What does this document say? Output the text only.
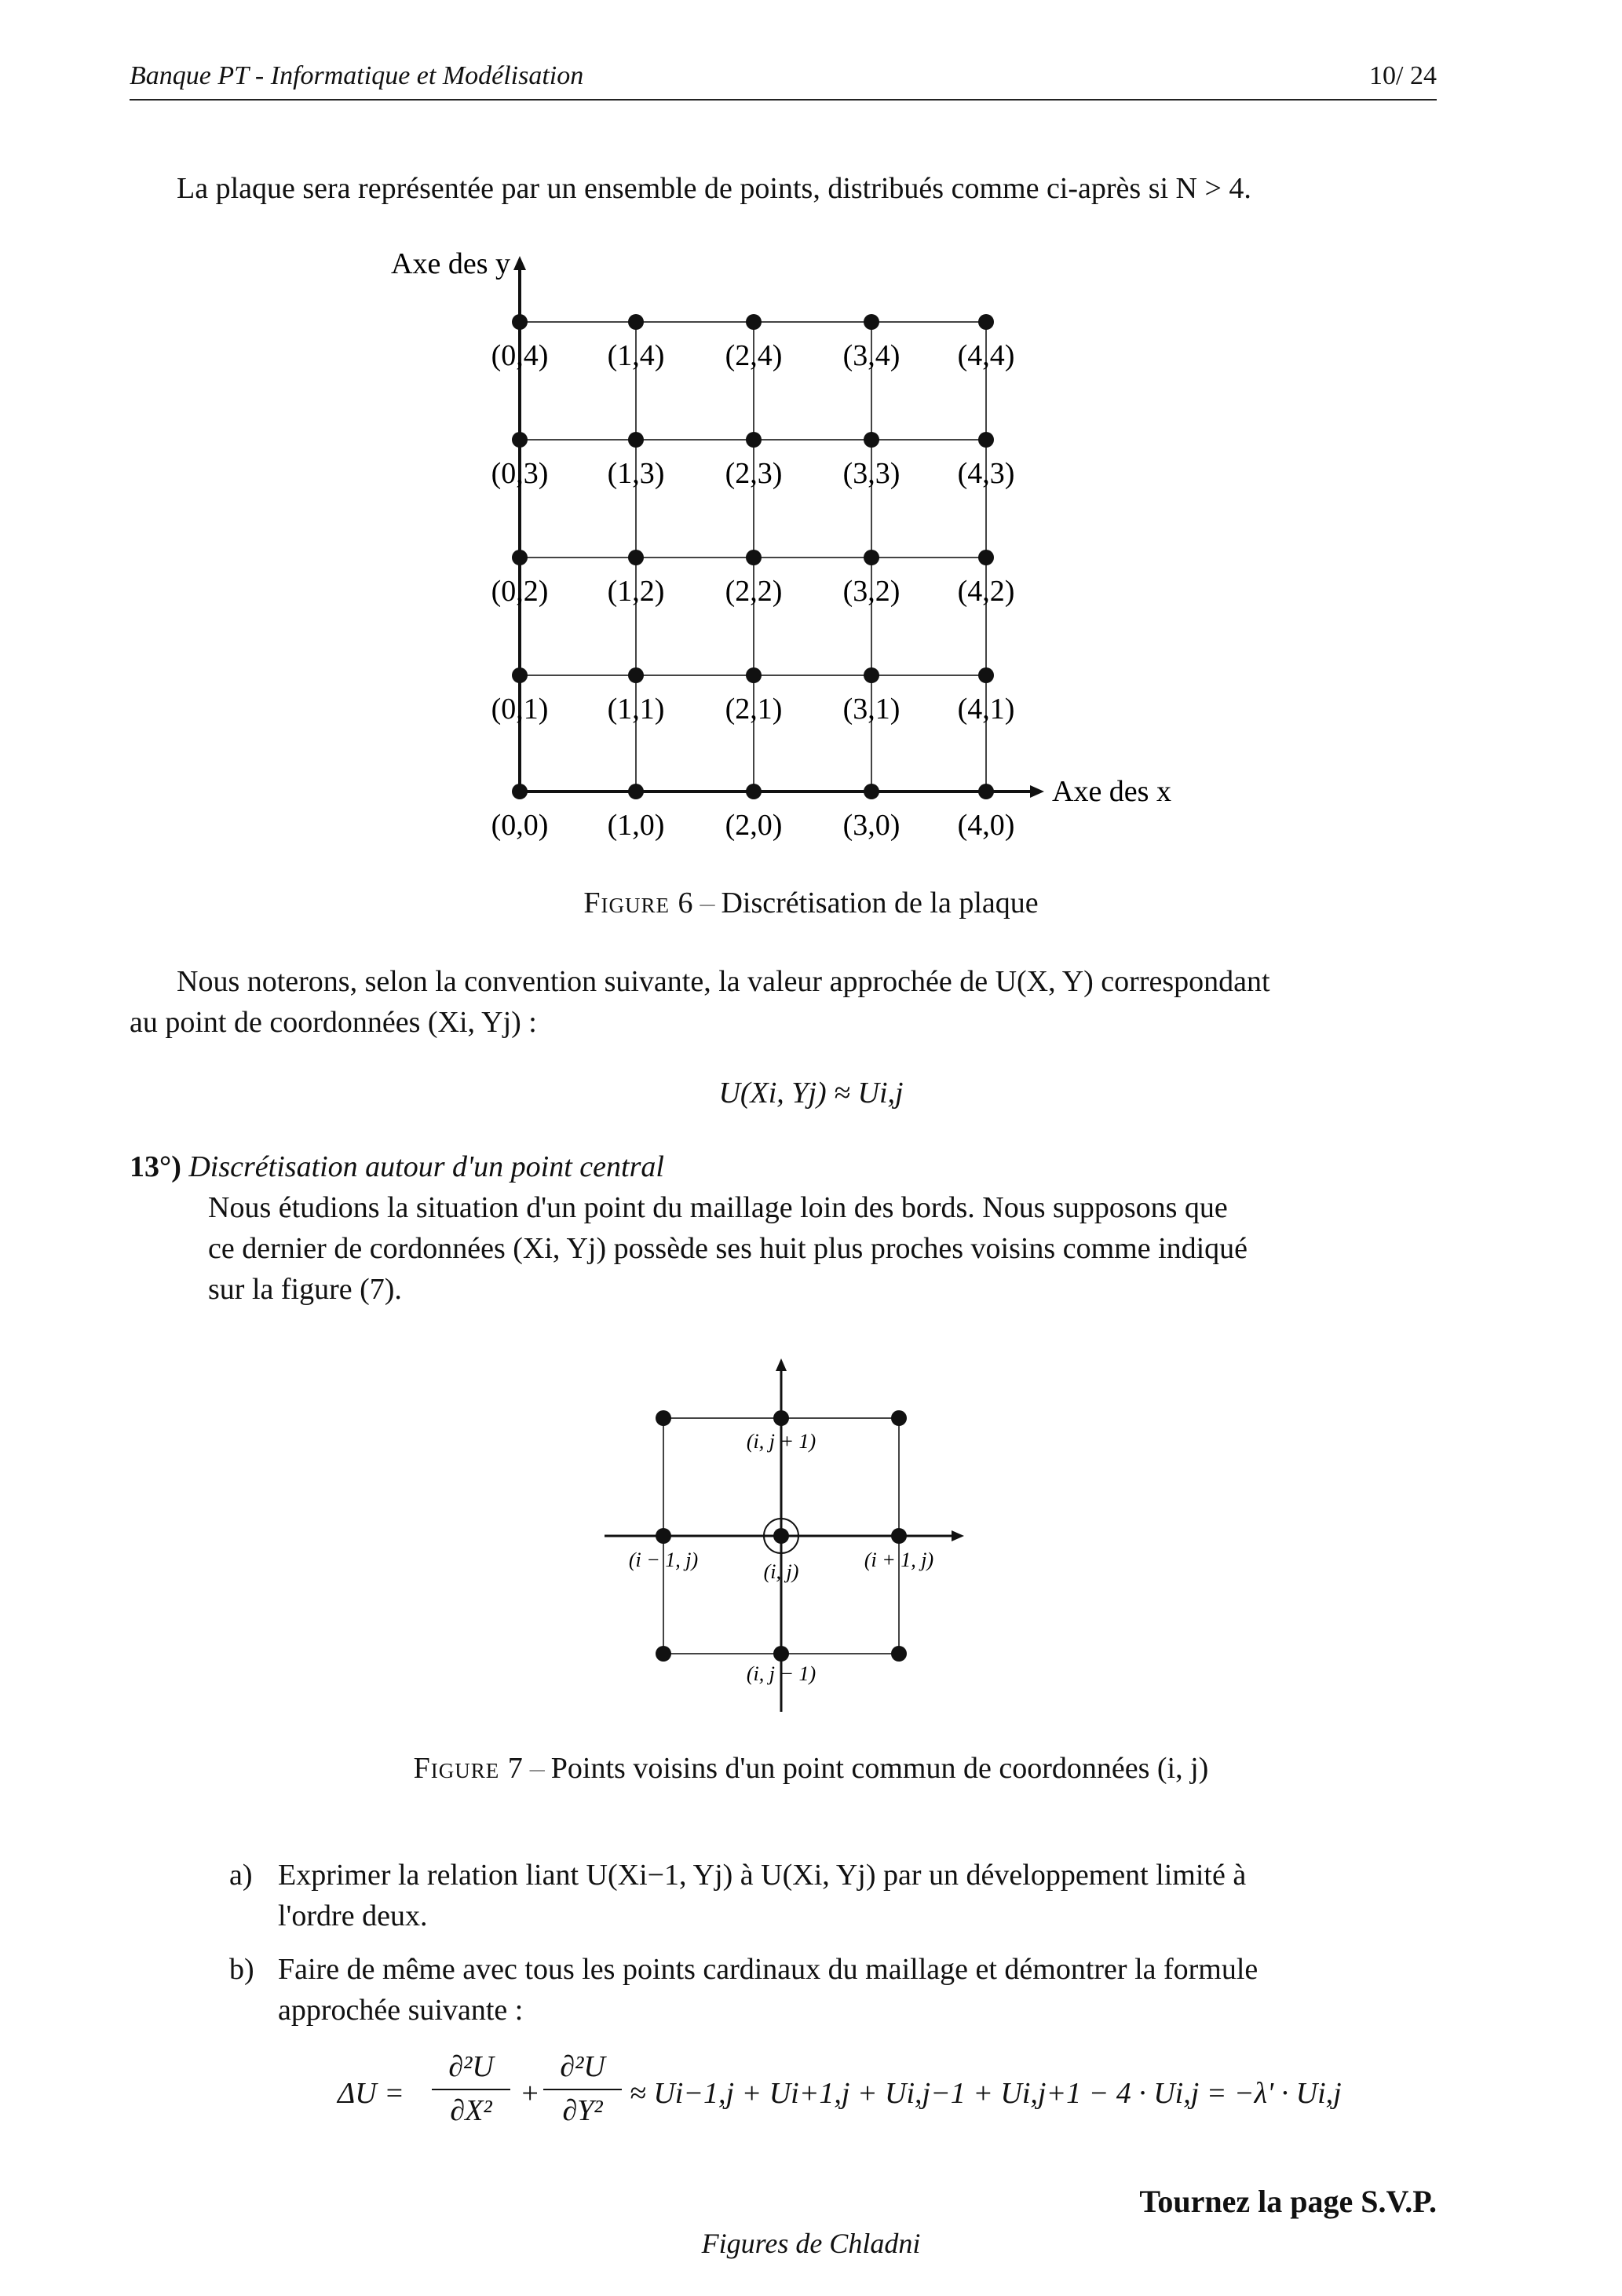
Banque PT - Informatique et Modélisation	10/ 24
La plaque sera représentée par un ensemble de points, distribués comme ci-après si N > 4.
Axe des y
Axe des x
(0,4) (1,4) (2,4) (3,4) (4,4)
(0,3) (1,3) (2,3) (3,3) (4,3)
(0,2) (1,2) (2,2) (3,2) (4,2)
(0,1) (1,1) (2,1) (3,1) (4,1)
(0,0) (1,0) (2,0) (3,0) (4,0)
Figure 6 – Discrétisation de la plaque
Nous noterons, selon la convention suivante, la valeur approchée de U(X, Y) correspondant
au point de coordonnées (Xi, Yj) :
U(Xi, Yj) ≈ Ui,j
13°) Discrétisation autour d'un point central
Nous étudions la situation d'un point du maillage loin des bords. Nous supposons que
ce dernier de cordonnées (Xi, Yj) possède ses huit plus proches voisins comme indiqué
sur la figure (7).
(i, j + 1)
(i − 1, j)
(i, j)
(i + 1, j)
(i, j − 1)
Figure 7 – Points voisins d'un point commun de coordonnées (i, j)
a) Exprimer la relation liant U(Xi−1, Yj) à U(Xi, Yj) par un développement limité à
l'ordre deux.
b) Faire de même avec tous les points cardinaux du maillage et démontrer la formule
approchée suivante :
ΔU =
∂²U
∂X²
+
∂²U
∂Y²
≈ Ui−1,j + Ui+1,j + Ui,j−1 + Ui,j+1 − 4 · Ui,j = −λ' · Ui,j
Tournez la page S.V.P.
Figures de Chladni
